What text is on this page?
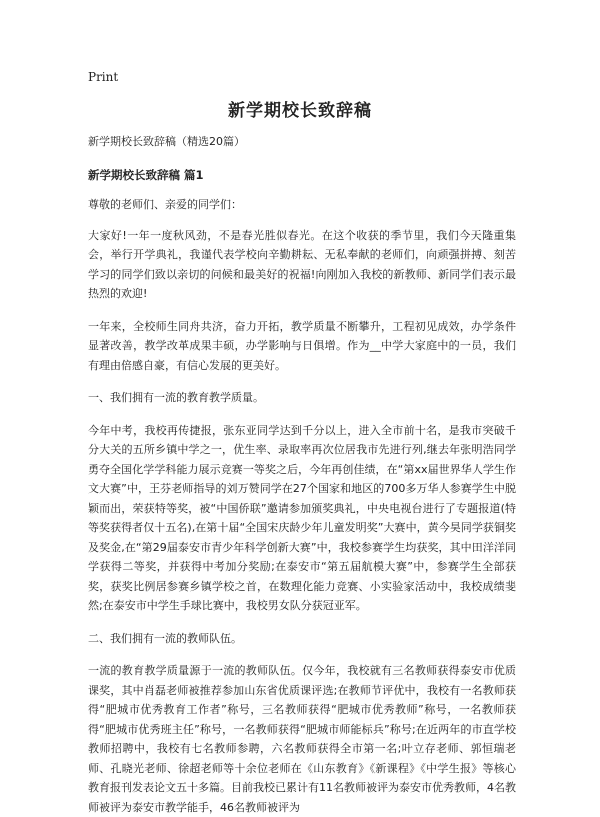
Print
新学期校长致辞稿

新学期校长致辞稿（精选20篇）

新学期校长致辞稿 篇1

尊敬的老师们、亲爱的同学们：

大家好!一年一度秋风劲，不是春光胜似春光。在这个收获的季节里，我们今天隆重集会，举行开学典礼，我谨代表学校向辛勤耕耘、无私奉献的老师们，向顽强拼搏、刻苦学习的同学们致以亲切的问候和最美好的祝福!向刚加入我校的新教师、新同学们表示最热烈的欢迎!

一年来，全校师生同舟共济，奋力开拓，教学质量不断攀升，工程初见成效，办学条件显著改善，教学改革成果丰硕，办学影响与日俱增。作为__中学大家庭中的一员，我们有理由倍感自豪，有信心发展的更美好。

一、我们拥有一流的教育教学质量。

今年中考，我校再传捷报，张东亚同学达到千分以上，进入全市前十名，是我市突破千分大关的五所乡镇中学之一，优生率、录取率再次位居我市先进行列,继去年张明浩同学勇夺全国化学学科能力展示竞赛一等奖之后，今年再创佳绩，在“第xx届世界华人学生作文大赛”中，王芬老师指导的刘万赞同学在27个国家和地区的700多万华人参赛学生中脱颖而出，荣获特等奖，被“中国侨联”邀请参加颁奖典礼，中央电视台进行了专题报道(特等奖获得者仅十五名),在第十届“全国宋庆龄少年儿童发明奖”大赛中，黄今昊同学获铜奖及奖金,在“第29届泰安市青少年科学创新大赛”中，我校参赛学生均获奖，其中田洋洋同学获得二等奖，并获得中考加分奖励;在泰安市“第五届航模大赛”中，参赛学生全部获奖，获奖比例居参赛乡镇学校之首，在数理化能力竞赛、小实验家活动中，我校成绩斐然;在泰安市中学生手球比赛中，我校男女队分获冠亚军。

二、我们拥有一流的教师队伍。

一流的教育教学质量源于一流的教师队伍。仅今年，我校就有三名教师获得泰安市优质课奖，其中肖磊老师被推荐参加山东省优质课评选;在教师节评优中，我校有一名教师获得“肥城市优秀教育工作者”称号，三名教师获得“肥城市优秀教师”称号，一名教师获得“肥城市优秀班主任”称号，一名教师获得“肥城市师能标兵”称号;在近两年的市直学校教师招聘中，我校有七名教师参聘，六名教师获得全市第一名;叶立存老师、郭恒瑞老师、孔晓光老师、徐超老师等十余位老师在《山东教育》《新课程》《中学生报》等核心教育报刊发表论文五十多篇。目前我校已累计有11名教师被评为泰安市优秀教师，4名教师被评为泰安市教学能手，46名教师被评为
